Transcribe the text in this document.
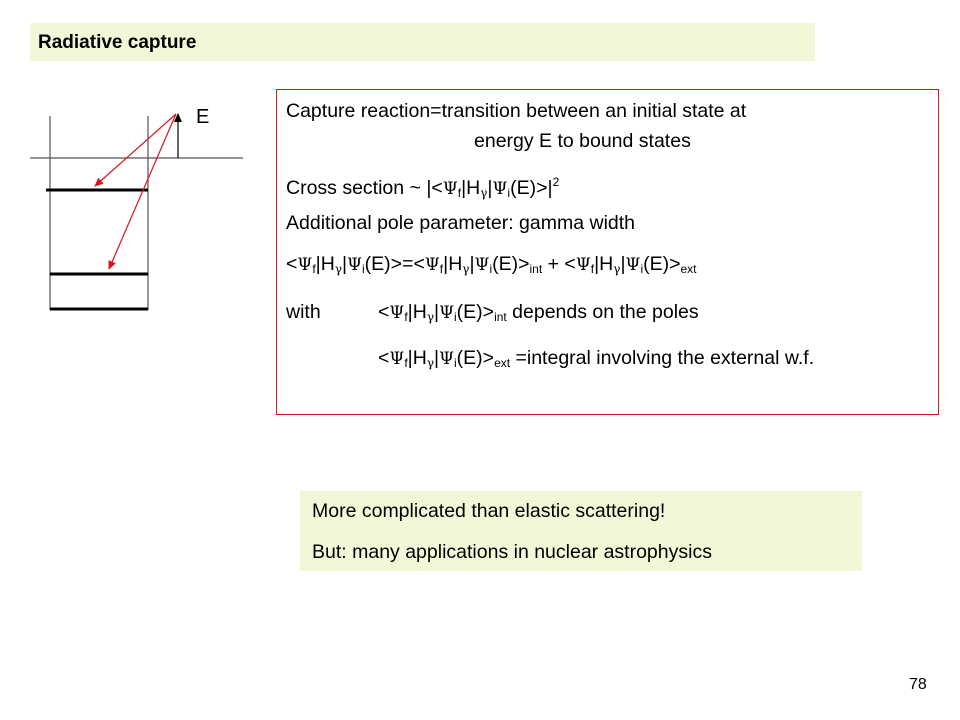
Radiative capture
E	Capture reaction=transition between an initial state at
energy E to bound states
Cross section ~ $|<\Psi_f|H_\gamma|\Psi_i(E)>|^2$
Additional pole parameter: gamma width
$<\Psi_f|H_\gamma|\Psi_i(E)>=<\Psi_f|H_\gamma|\Psi_i(E)>_{int} + <\Psi_f|H_\gamma|\Psi_i(E)>_{ext}$
with	$<\Psi_f|H_\gamma|\Psi_i(E)>_{int}$ depends on the poles
$<\Psi_f|H_\gamma|\Psi_i(E)>_{ext}$ =integral involving the external w.f.
More complicated than elastic scattering!
But: many applications in nuclear astrophysics
78
